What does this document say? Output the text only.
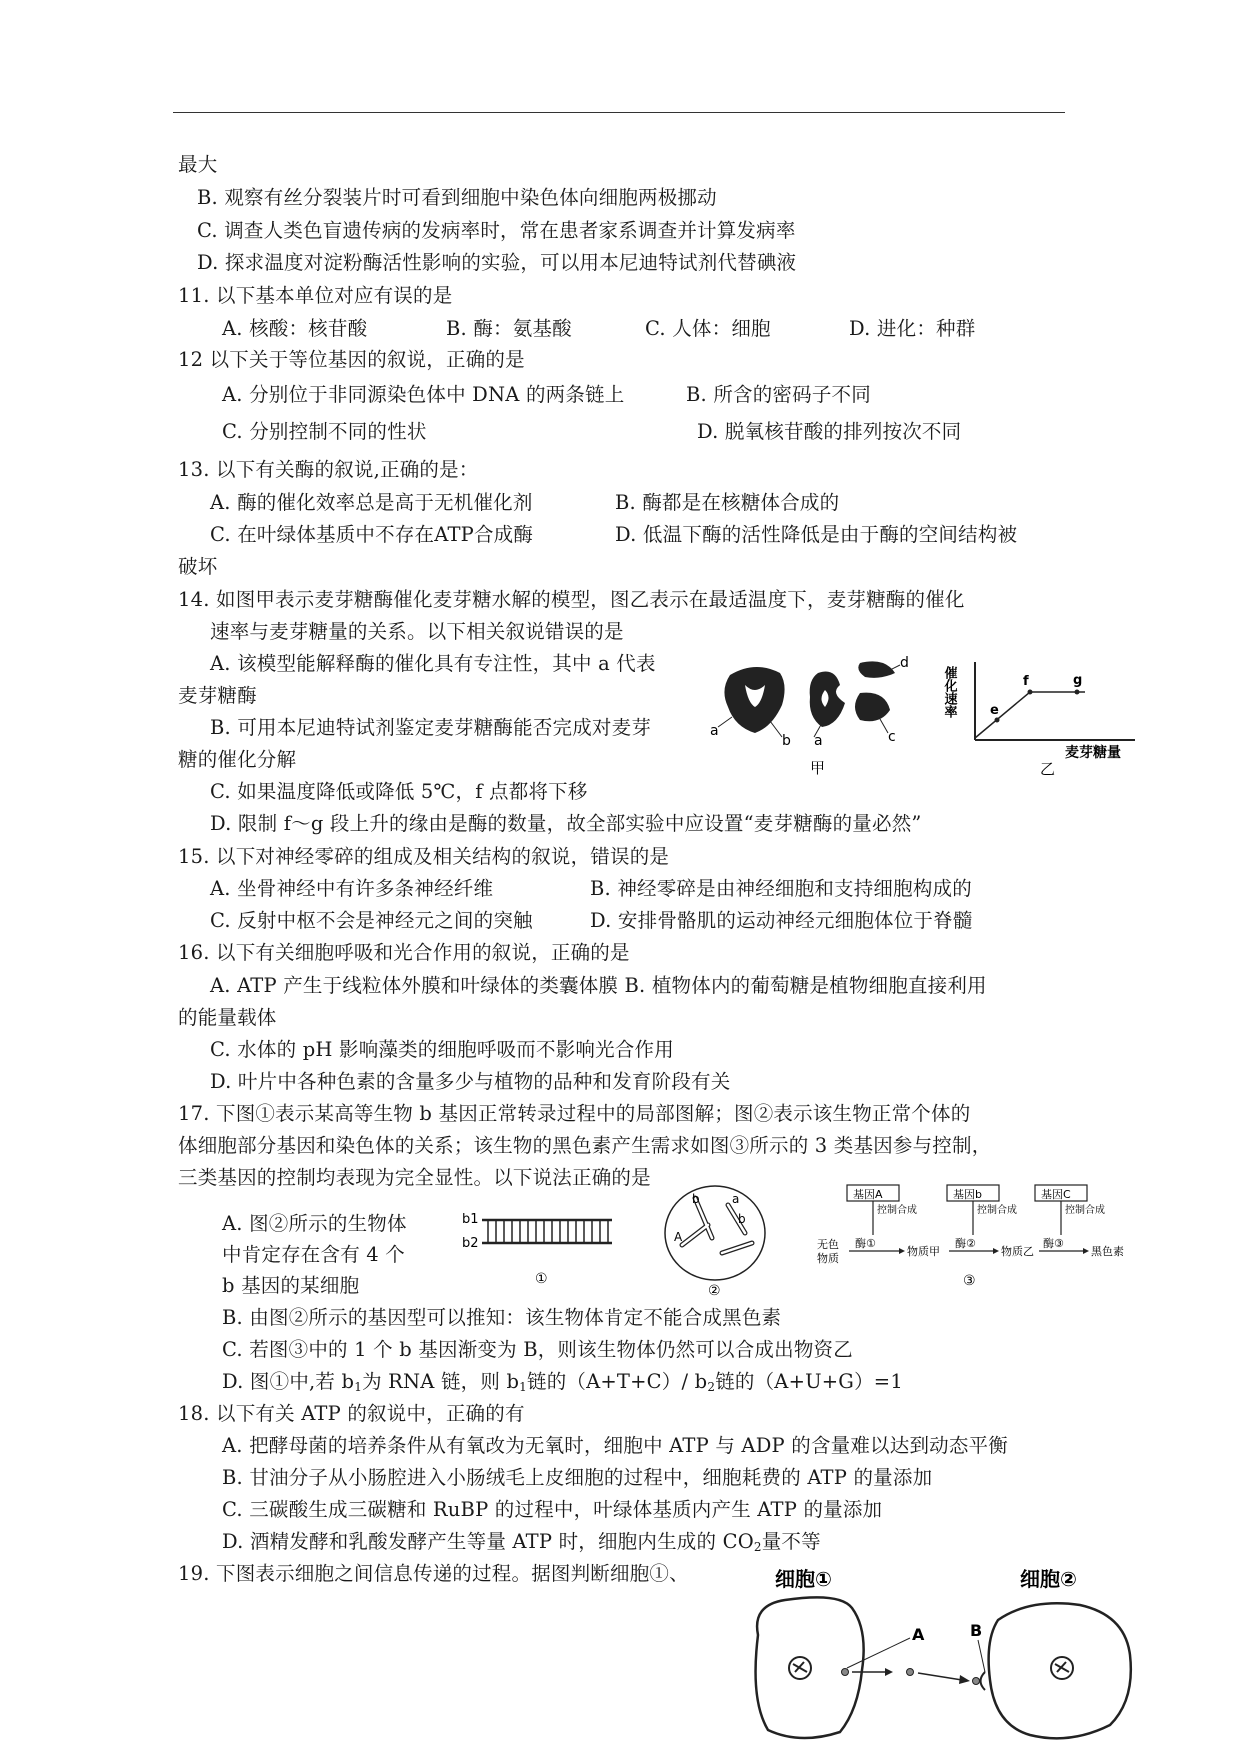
最大
B. 观察有丝分裂装片时可看到细胞中染色体向细胞两极挪动
C. 调查人类色盲遗传病的发病率时，常在患者家系调查并计算发病率
D. 探求温度对淀粉酶活性影响的实验，可以用本尼迪特试剂代替碘液
11. 以下基本单位对应有误的是
A. 核酸：核苷酸	B. 酶：氨基酸	C. 人体：细胞	D. 进化：种群
12 以下关于等位基因的叙说，正确的是
A. 分别位于非同源染色体中 DNA 的两条链上	B. 所含的密码子不同
C. 分别控制不同的性状	D. 脱氧核苷酸的排列按次不同
13. 以下有关酶的叙说,正确的是：
A. 酶的催化效率总是高于无机催化剂	B. 酶都是在核糖体合成的
C. 在叶绿体基质中不存在ATP合成酶	D. 低温下酶的活性降低是由于酶的空间结构被
破坏
14. 如图甲表示麦芽糖酶催化麦芽糖水解的模型，图乙表示在最适温度下，麦芽糖酶的催化
速率与麦芽糖量的关系。以下相关叙说错误的是
A. 该模型能解释酶的催化具有专注性，其中 a 代表
麦芽糖酶
B. 可用本尼迪特试剂鉴定麦芽糖酶能否完成对麦芽
糖的催化分解
C. 如果温度降低或降低 5℃，f 点都将下移
D. 限制 f～g 段上升的缘由是酶的数量，故全部实验中应设置“麦芽糖酶的量必然”
15. 以下对神经零碎的组成及相关结构的叙说，错误的是
A. 坐骨神经中有许多条神经纤维	B. 神经零碎是由神经细胞和支持细胞构成的
C. 反射中枢不会是神经元之间的突触	D. 安排骨骼肌的运动神经元细胞体位于脊髓
16. 以下有关细胞呼吸和光合作用的叙说，正确的是
A. ATP 产生于线粒体外膜和叶绿体的类囊体膜 B. 植物体内的葡萄糖是植物细胞直接利用
的能量载体
C. 水体的 pH 影响藻类的细胞呼吸而不影响光合作用
D. 叶片中各种色素的含量多少与植物的品种和发育阶段有关
17. 下图①表示某高等生物 b 基因正常转录过程中的局部图解；图②表示该生物正常个体的
体细胞部分基因和染色体的关系；该生物的黑色素产生需求如图③所示的 3 类基因参与控制，
三类基因的控制均表现为完全显性。以下说法正确的是
A. 图②所示的生物体
中肯定存在含有 4 个
b 基因的某细胞
B. 由图②所示的基因型可以推知：该生物体肯定不能合成黑色素
C. 若图③中的 1 个 b 基因渐变为 B，则该生物体仍然可以合成出物资乙
D. 图①中,若 $b_1$为 RNA 链，则 $b_1$链的（A+T+C）/ $b_2$链的（A+U+G）=1
18. 以下有关 ATP 的叙说中，正确的有
A. 把酵母菌的培养条件从有氧改为无氧时，细胞中 ATP 与 ADP 的含量难以达到动态平衡
B. 甘油分子从小肠腔进入小肠绒毛上皮细胞的过程中，细胞耗费的 ATP 的量添加
C. 三碳酸生成三碳糖和 RuBP 的过程中，叶绿体基质内产生 ATP 的量添加
D. 酒精发酵和乳酸发酵产生等量 ATP 时，细胞内生成的 $CO_2$量不等
19. 下图表示细胞之间信息传递的过程。据图判断细胞①、
a
b a	c
d
甲
e
f	g
催化速率
麦芽糖量
乙
b1
b2
①
b	a
b
A
②
基因A	基因b	基因C
控制合成	控制合成	控制合成
无色
物质
酶①
物质甲
酶②
物质乙
酶③
黑色素
③
细胞①	细胞②
A	B
